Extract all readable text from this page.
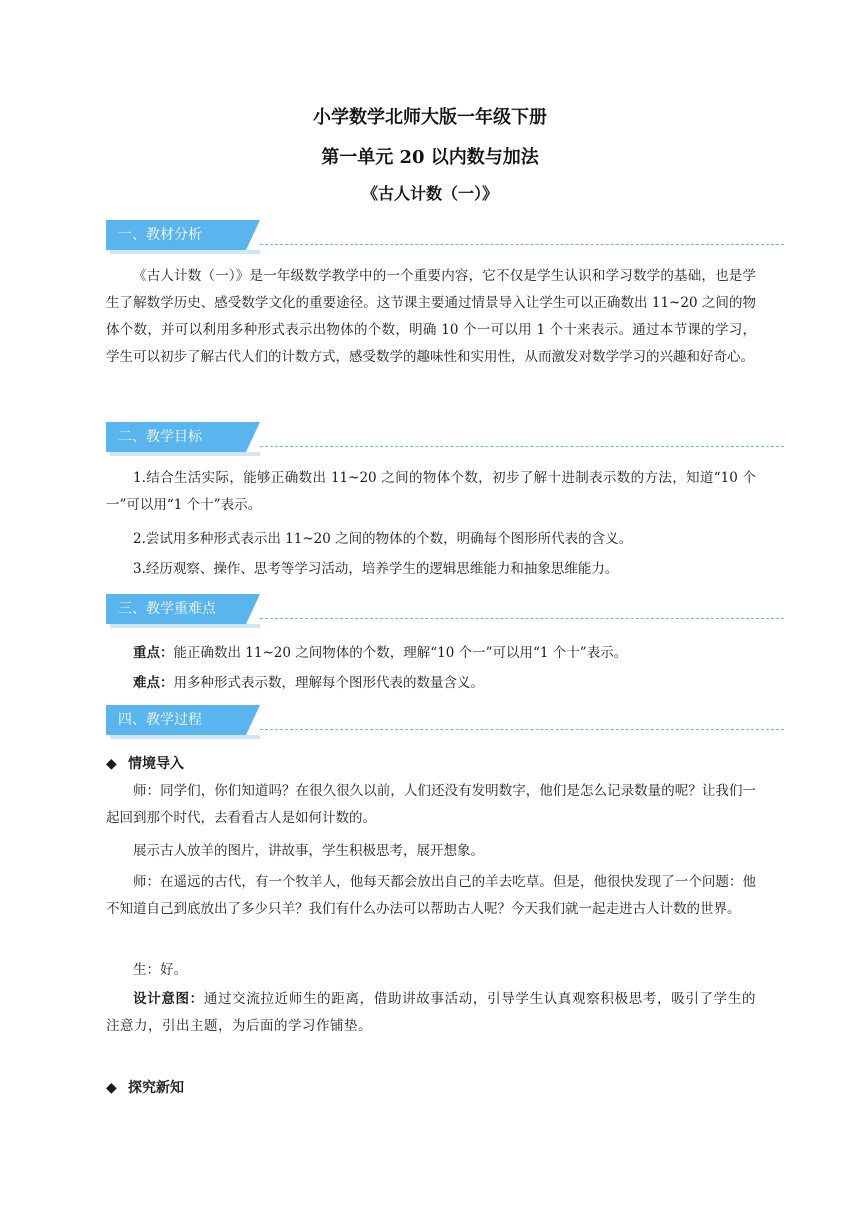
小学数学北师大版一年级下册
第一单元 20 以内数与加法
《古人计数（一）》
一、教材分析

《古人计数（一）》是一年级数学教学中的一个重要内容，它不仅是学生认识和学习数学的基础，也是学生了解数学历史、感受数学文化的重要途径。这节课主要通过情景导入让学生可以正确数出 11~20 之间的物体个数，并可以利用多种形式表示出物体的个数，明确 10 个一可以用 1 个十来表示。通过本节课的学习，学生可以初步了解古代人们的计数方式，感受数学的趣味性和实用性，从而激发对数学学习的兴趣和好奇心。

二、教学目标

1.结合生活实际，能够正确数出 11~20 之间的物体个数，初步了解十进制表示数的方法，知道“10 个一”可以用“1 个十”表示。

2.尝试用多种形式表示出 11~20 之间的物体的个数，明确每个图形所代表的含义。

3.经历观察、操作、思考等学习活动，培养学生的逻辑思维能力和抽象思维能力。

三、教学重难点

重点：能正确数出 11~20 之间物体的个数，理解“10 个一”可以用“1 个十”表示。

难点：用多种形式表示数，理解每个图形代表的数量含义。

四、教学过程
◆ 情境导入

师：同学们，你们知道吗？在很久很久以前，人们还没有发明数字，他们是怎么记录数量的呢？让我们一起回到那个时代，去看看古人是如何计数的。

展示古人放羊的图片，讲故事，学生积极思考，展开想象。

师：在遥远的古代，有一个牧羊人，他每天都会放出自己的羊去吃草。但是，他很快发现了一个问题：他不知道自己到底放出了多少只羊？我们有什么办法可以帮助古人呢？今天我们就一起走进古人计数的世界。

生：好。

设计意图：通过交流拉近师生的距离，借助讲故事活动，引导学生认真观察积极思考，吸引了学生的注意力，引出主题，为后面的学习作铺垫。

◆ 探究新知
